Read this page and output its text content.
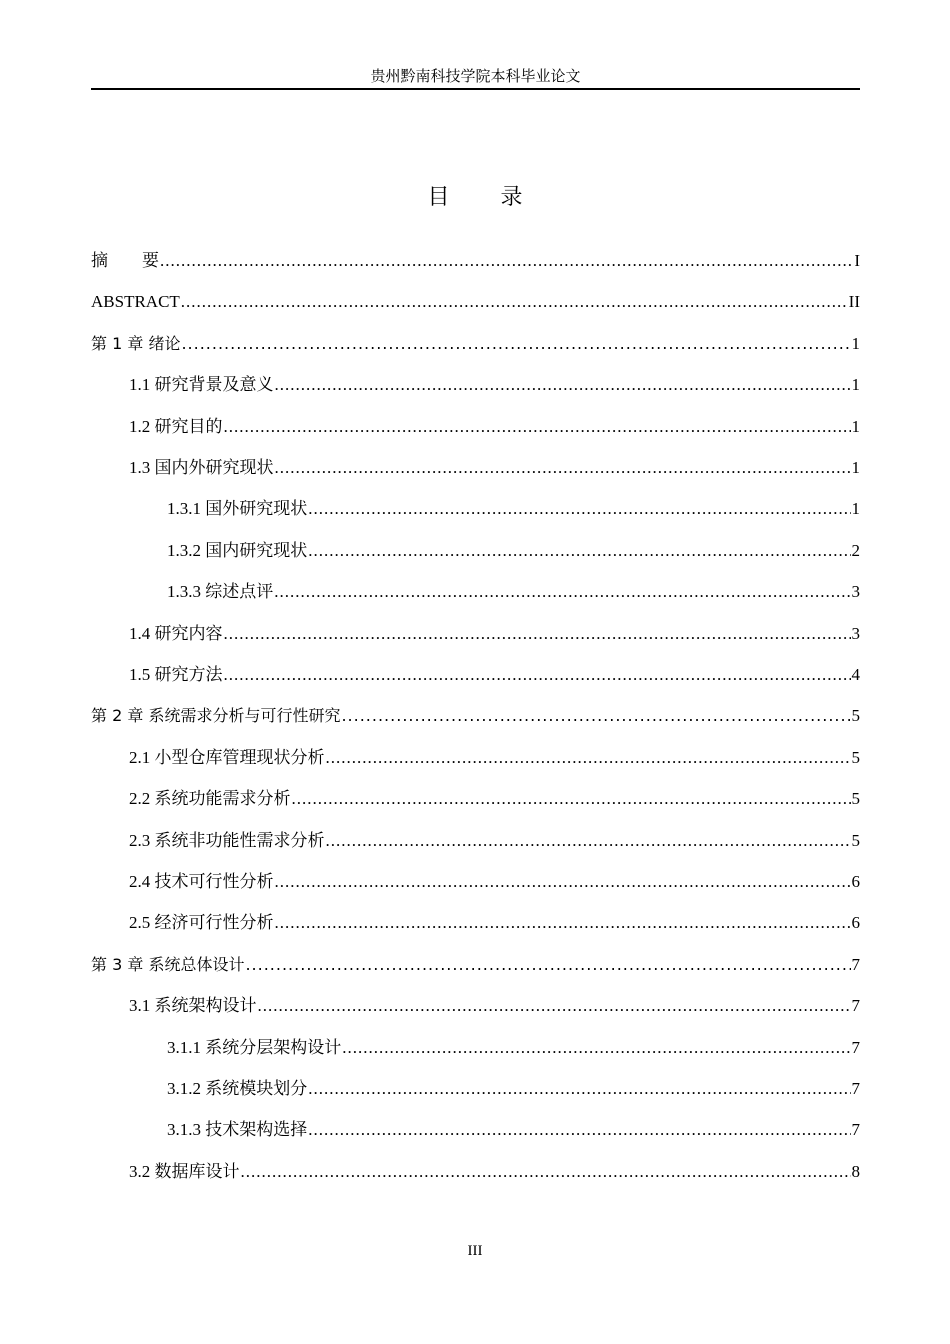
贵州黔南科技学院本科毕业论文
目 录
摘　　要 .....	I
ABSTRACT .....	II
第 1 章 绪论 .....	1
1.1 研究背景及意义 .....	1
1.2 研究目的 .....	1
1.3 国内外研究现状 .....	1
1.3.1 国外研究现状 .....	1
1.3.2 国内研究现状 .....	2
1.3.3 综述点评 .....	3
1.4 研究内容 .....	3
1.5 研究方法 .....	4
第 2 章 系统需求分析与可行性研究 .....	5
2.1 小型仓库管理现状分析 .....	5
2.2 系统功能需求分析 .....	5
2.3 系统非功能性需求分析 .....	5
2.4 技术可行性分析 .....	6
2.5 经济可行性分析 .....	6
第 3 章 系统总体设计 .....	7
3.1 系统架构设计 .....	7
3.1.1 系统分层架构设计 .....	7
3.1.2 系统模块划分 .....	7
3.1.3 技术架构选择 .....	7
3.2 数据库设计 .....	8
III
